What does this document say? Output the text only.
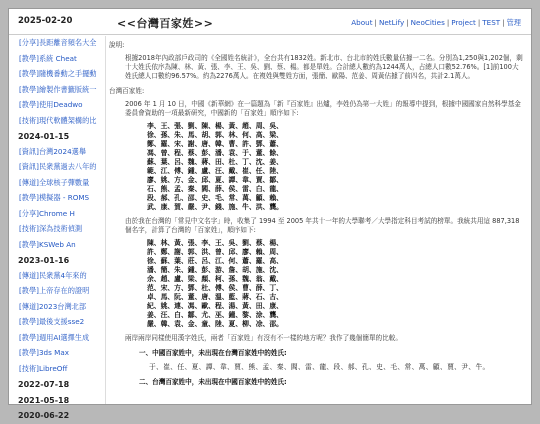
2025-02-20	<<台灣百家姓>>	About | NetLify | NeoCities | Project | TEST | 管理
[分享]長距離音頻名大全
[教學]系統 Cheat
[教學]隨機番動之手擺動
[教學]繪製作書籤版統一
[教學]使用Deadwo
[技術]現代軟體架構的比
2024-01-15
[資訊]台灣2024選舉
[資訊]民衆黨過去八年的
[傳道]全球核子彈數量
[教學]模擬器 - ROMS
[分享]Chrome H
[技術]深為技術偵測
[教學]KSWeb An
2023-01-16
[傳道]民衆黨4年來的
[教學]上帝存在的證明
[傳道]2023台灣北部
[教學]最後支援sse2
[教學]週用AI選擇生成
[教學]3ds Max
[技術]LibreOff
2022-07-18
2021-05-18
2020-06-22

說明:

根據2018年內政部戶政司的《全國姓名統計》，全台共有1832姓。新北市、台北市的姓氏數量佔據一二名。分別為1,250與1,202個，剩十大姓氏依序為陳、林、黃、張、李、王、吳、劉、蔡、楊。都是單姓。合計總人數約為1244萬人，占總人口數52.76%。[1]前100大姓氏總人口數約96.57%。約為2276萬人。在複姓與雙姓方面，張簡、歐陽、范姜、周黃佔據了前四名，共計2.1萬人。

台灣百家姓:

2006 年 1 月 10 日，中國《新華網》在一篇題為「新『百家姓』出爐，李姓仍為第一大姓」的報導中提到，根據中國國家自然科學基金委員會資助的一項最新研究，中國新的「百家姓」順序如下:

李、王、張、劉、陳、楊、黃、趙、周、吳、
徐、孫、朱、馬、胡、郭、林、何、高、梁、
鄭、羅、宋、謝、唐、韓、曹、許、鄧、蕭、
馮、曾、程、蔡、彭、潘、袁、于、董、餘、
蘇、葉、呂、魏、蔣、田、杜、丁、沈、姜、
範、江、傅、鍾、盧、汪、戴、崔、任、陸、
廖、姚、方、金、邱、夏、譚、韋、賈、鄒、
石、熊、孟、秦、閻、薛、侯、雷、白、龍、
段、郝、孔、邵、史、毛、常、萬、顧、賴、
武、康、賀、嚴、尹、錢、施、牛、洪、龔。

由於我在台灣的「常見中文名字」時，收集了 1994 至 2005 年共十一年的大學聯考／大學指定科目考試的榜單。我統共用這 887,318 個名字，計算了台灣的「百家姓」，順序如下:

陳、林、黃、張、李、王、吳、劉、蔡、楊、
許、鄭、謝、郭、洪、曾、邱、廖、賴、周、
徐、蘇、葉、莊、呂、江、何、蕭、羅、高、
潘、簡、朱、鍾、彭、游、詹、胡、施、沈、
余、趙、盧、梁、顏、柯、孫、魏、翁、戴、
范、宋、方、鄧、杜、傅、侯、曹、薛、丁、
卓、馬、阮、董、唐、溫、藍、蔣、石、古、
紀、姚、連、馮、歐、程、湯、黃、田、康、
姜、汪、白、鄒、尤、巫、鐘、黎、涂、龔、
嚴、韓、袁、金、童、陸、夏、柳、凃、邵。

兩岸兩岸同樣使用漢字姓氏，兩者「百家姓」有沒有不一樣的地方呢？我作了幾個簡單的比較。

一、中國百家姓中，未出現在台灣百家姓中的姓氏:

于、崔、任、夏、譚、韋、賈、熊、孟、秦、閻、雷、龍、段、郝、孔、史、毛、常、萬、顧、賈、尹、牛。

二、台灣百家姓中，未出現在中國百家姓中的姓氏:
